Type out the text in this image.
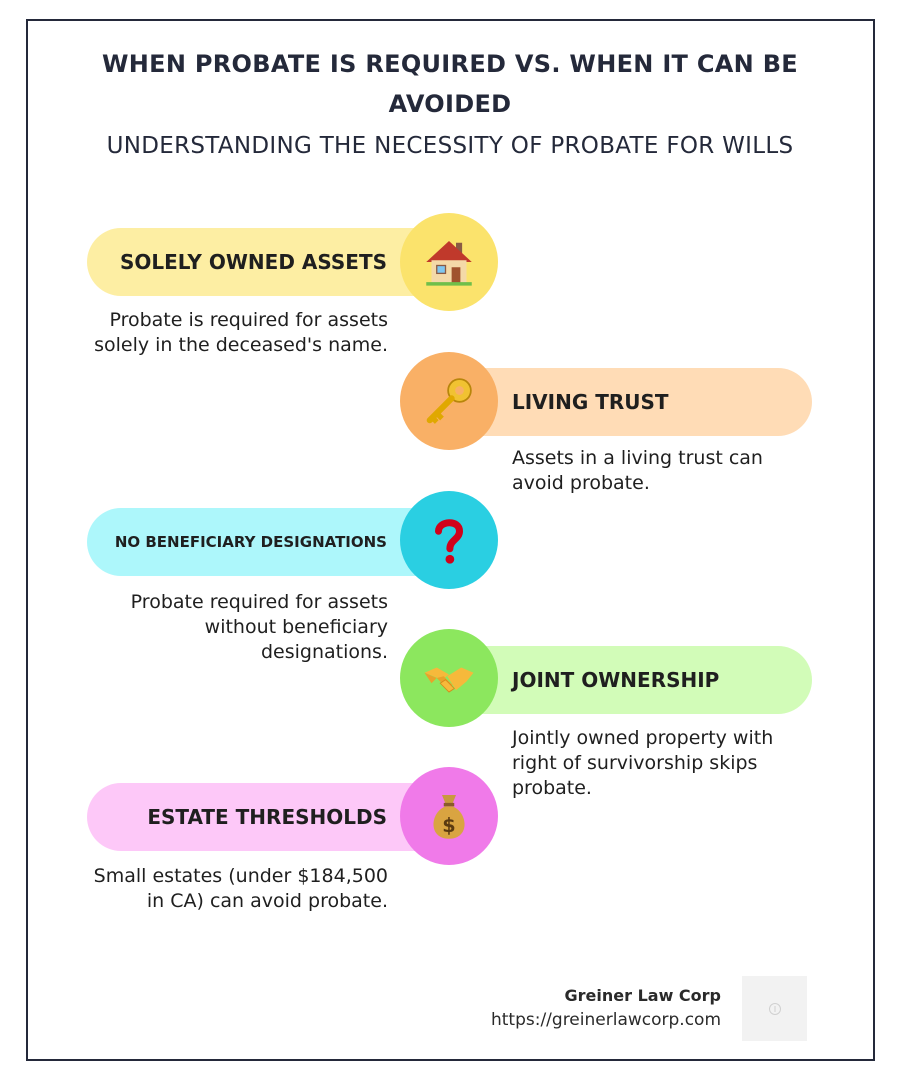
WHEN PROBATE IS REQUIRED VS. WHEN IT CAN BE AVOIDED
UNDERSTANDING THE NECESSITY OF PROBATE FOR WILLS
SOLELY OWNED ASSETS
Probate is required for assets solely in the deceased's name.
LIVING TRUST
Assets in a living trust can avoid probate.
NO BENEFICIARY DESIGNATIONS
Probate required for assets without beneficiary designations.
JOINT OWNERSHIP
Jointly owned property with right of survivorship skips probate.
ESTATE THRESHOLDS	$
Small estates (under $184,500 in CA) can avoid probate.
Greiner Law Corp
https://greinerlawcorp.com
